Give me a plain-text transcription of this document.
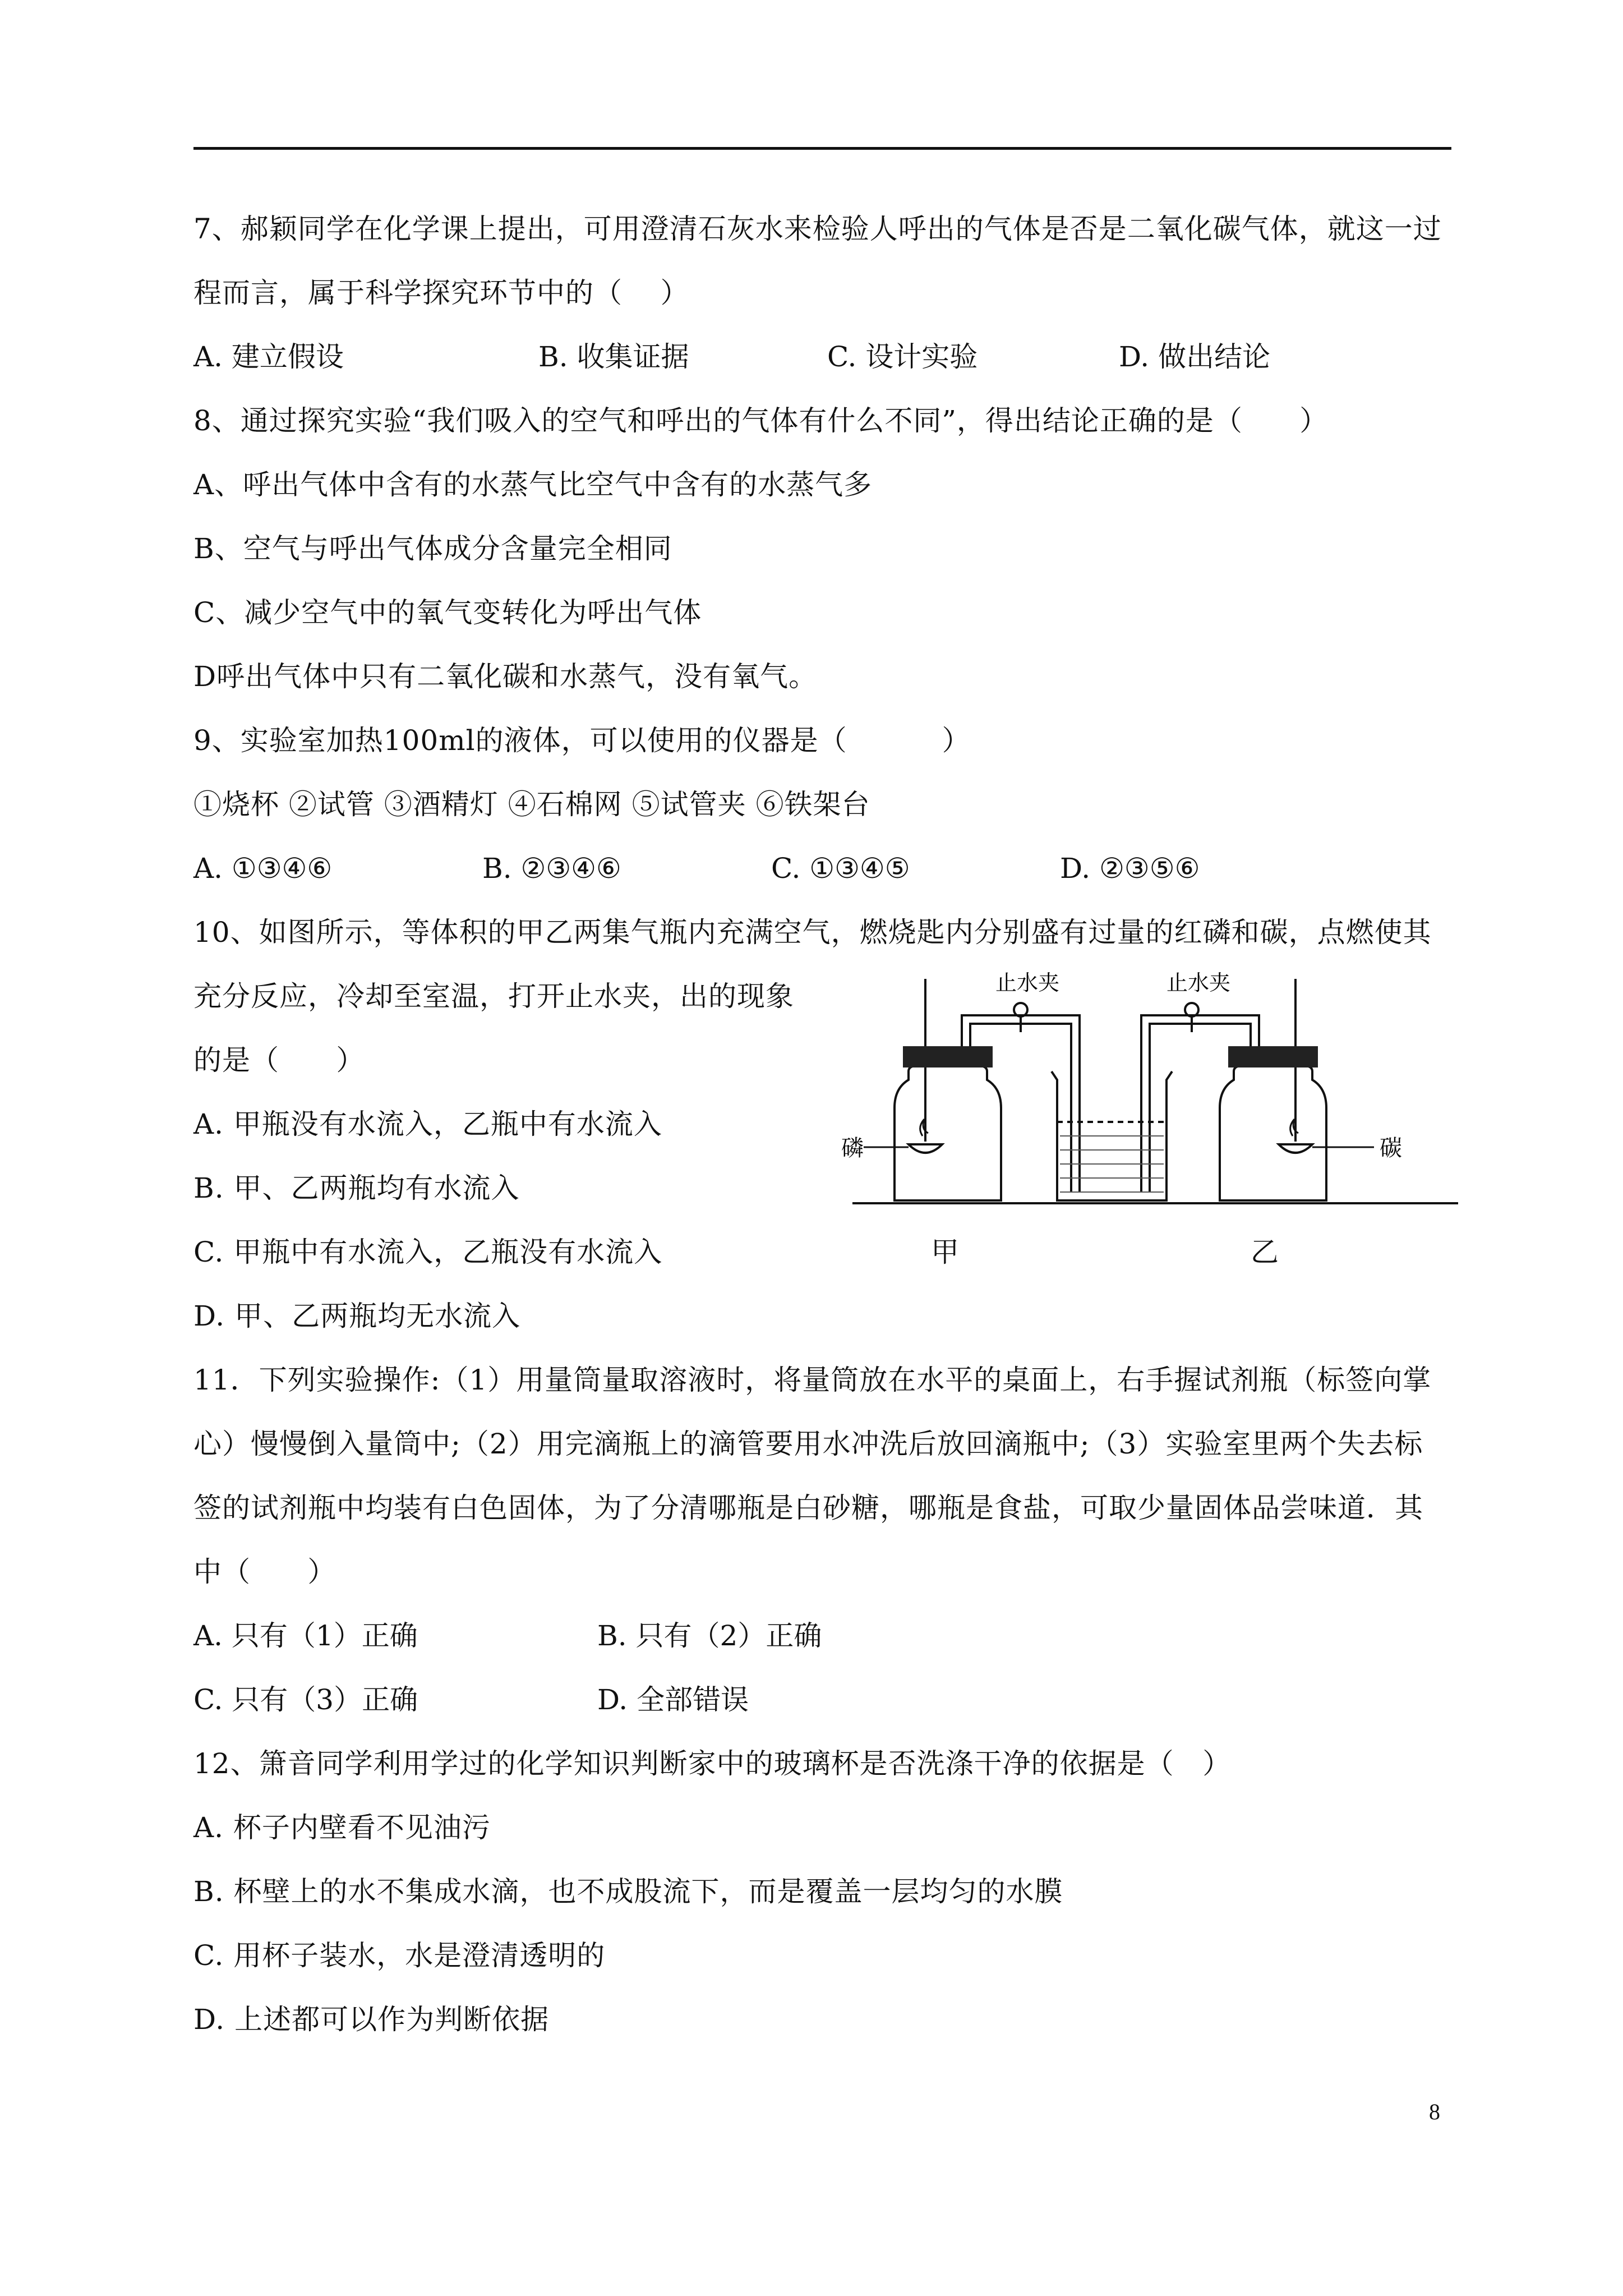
7、郝颖同学在化学课上提出，可用澄清石灰水来检验人呼出的气体是否是二氧化碳气体，就这一过

程而言，属于科学探究环节中的（    ）

A. 建立假设	B. 收集证据	C. 设计实验	D. 做出结论

8、通过探究实验“我们吸入的空气和呼出的气体有什么不同”，得出结论正确的是（      ）

A、呼出气体中含有的水蒸气比空气中含有的水蒸气多

B、空气与呼出气体成分含量完全相同

C、减少空气中的氧气变转化为呼出气体

D呼出气体中只有二氧化碳和水蒸气，没有氧气。

9、实验室加热100ml的液体，可以使用的仪器是（          ）

①烧杯 ②试管 ③酒精灯 ④石棉网 ⑤试管夹 ⑥铁架台

A. ①③④⑥	B. ②③④⑥	C. ①③④⑤	D. ②③⑤⑥

10、如图所示，等体积的甲乙两集气瓶内充满空气，燃烧匙内分别盛有过量的红磷和碳，点燃使其

充分反应，冷却至室温，打开止水夹，出的现象

的是（      ）

A. 甲瓶没有水流入，乙瓶中有水流入

B. 甲、乙两瓶均有水流入

C. 甲瓶中有水流入，乙瓶没有水流入

D. 甲、乙两瓶均无水流入

止水夹	止水夹
磷	碳
甲	乙

11．下列实验操作:（1）用量筒量取溶液时，将量筒放在水平的桌面上，右手握试剂瓶（标签向掌

心）慢慢倒入量筒中;（2）用完滴瓶上的滴管要用水冲洗后放回滴瓶中;（3）实验室里两个失去标

签的试剂瓶中均装有白色固体，为了分清哪瓶是白砂糖，哪瓶是食盐，可取少量固体品尝味道．其

中（      ）

A. 只有（1）正确	B. 只有（2）正确

C. 只有（3）正确	D. 全部错误

12、箫音同学利用学过的化学知识判断家中的玻璃杯是否洗涤干净的依据是（   ）

A. 杯子内壁看不见油污

B. 杯壁上的水不集成水滴，也不成股流下，而是覆盖一层均匀的水膜

C. 用杯子装水，水是澄清透明的

D. 上述都可以作为判断依据

8
